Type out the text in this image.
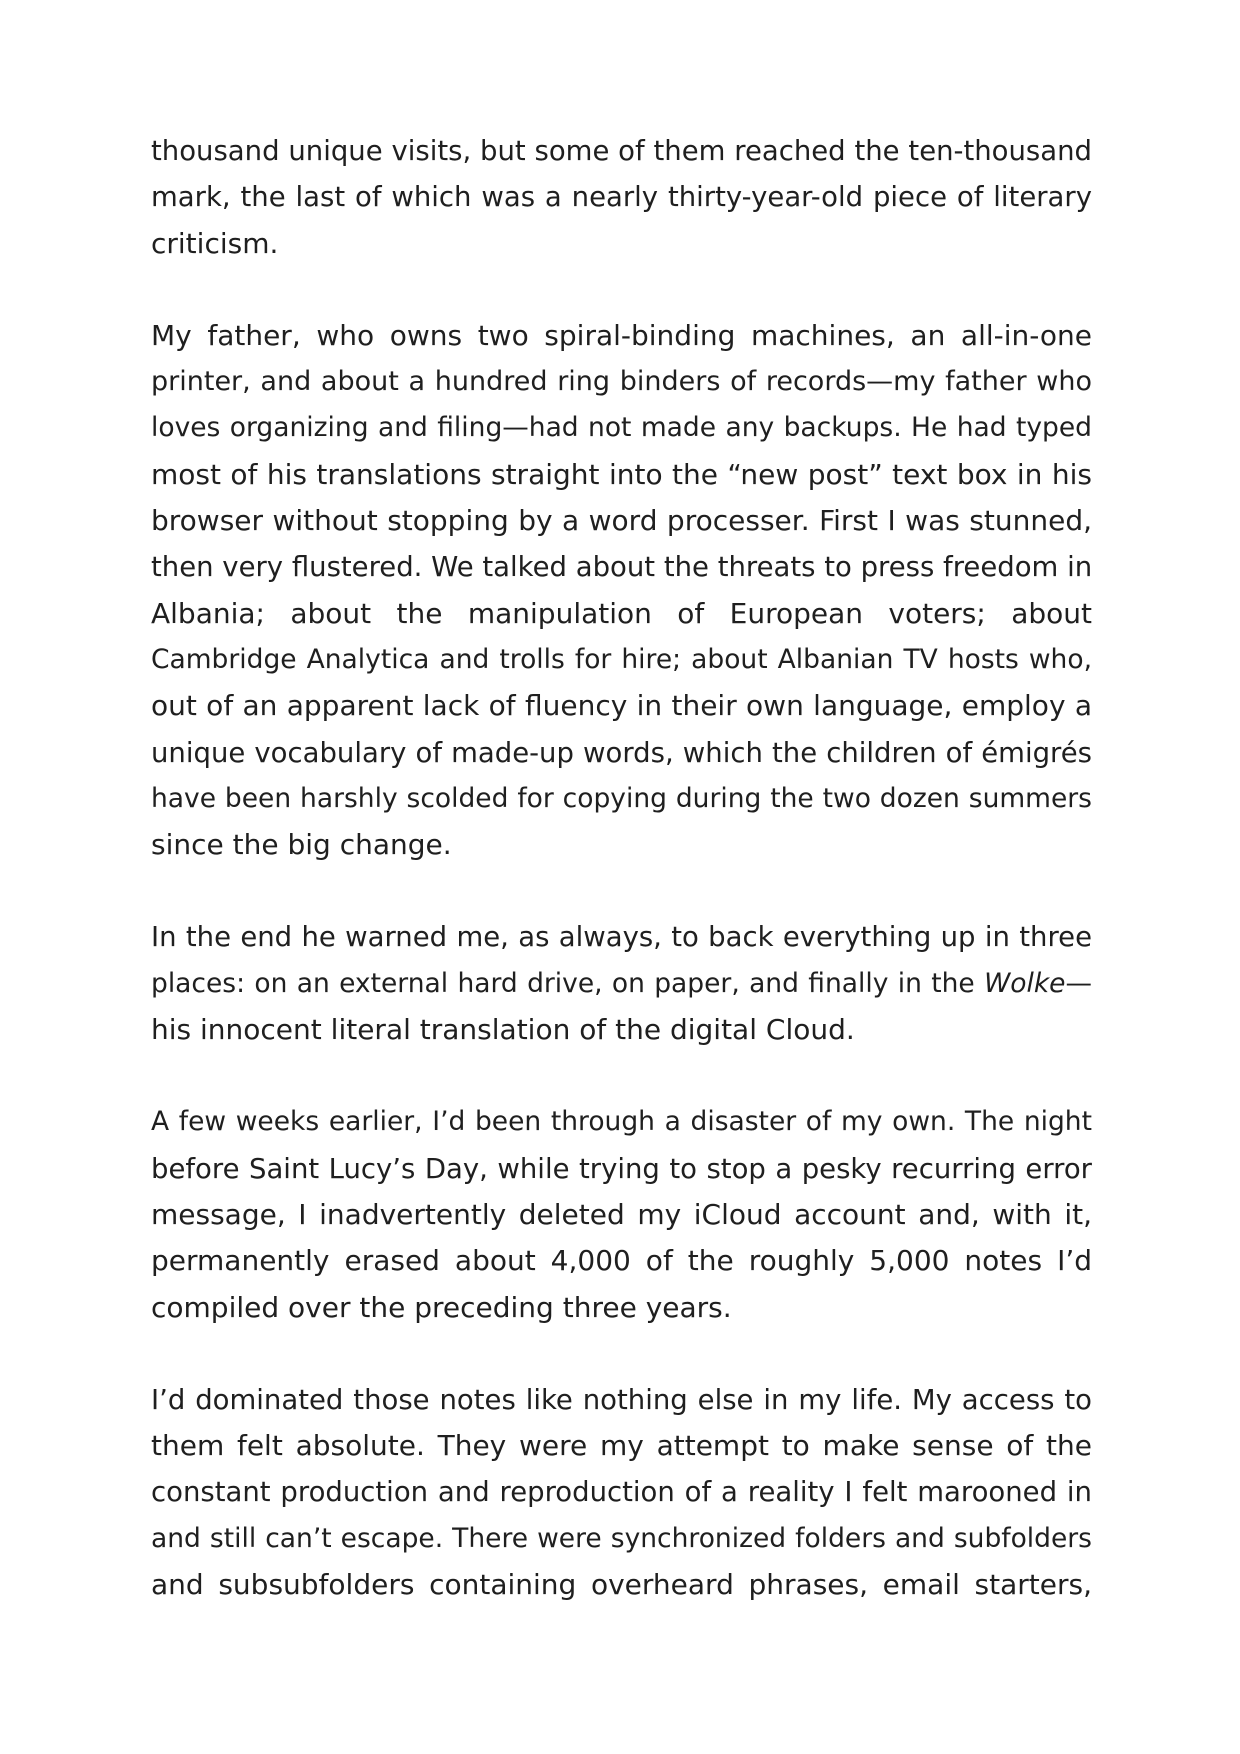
thousand unique visits, but some of them reached the ten-thousand
mark, the last of which was a nearly thirty-year-old piece of literary
criticism.

My father, who owns two spiral-binding machines, an all-in-one
printer, and about a hundred ring binders of records—my father who
loves organizing and filing—had not made any backups. He had typed
most of his translations straight into the “new post” text box in his
browser without stopping by a word processer. First I was stunned,
then very flustered. We talked about the threats to press freedom in
Albania; about the manipulation of European voters; about
Cambridge Analytica and trolls for hire; about Albanian TV hosts who,
out of an apparent lack of fluency in their own language, employ a
unique vocabulary of made-up words, which the children of émigrés
have been harshly scolded for copying during the two dozen summers
since the big change.

In the end he warned me, as always, to back everything up in three
places: on an external hard drive, on paper, and finally in the Wolke—
his innocent literal translation of the digital Cloud.

A few weeks earlier, I’d been through a disaster of my own. The night
before Saint Lucy’s Day, while trying to stop a pesky recurring error
message, I inadvertently deleted my iCloud account and, with it,
permanently erased about 4,000 of the roughly 5,000 notes I’d
compiled over the preceding three years.

I’d dominated those notes like nothing else in my life. My access to
them felt absolute. They were my attempt to make sense of the
constant production and reproduction of a reality I felt marooned in
and still can’t escape. There were synchronized folders and subfolders
and subsubfolders containing overheard phrases, email starters,
